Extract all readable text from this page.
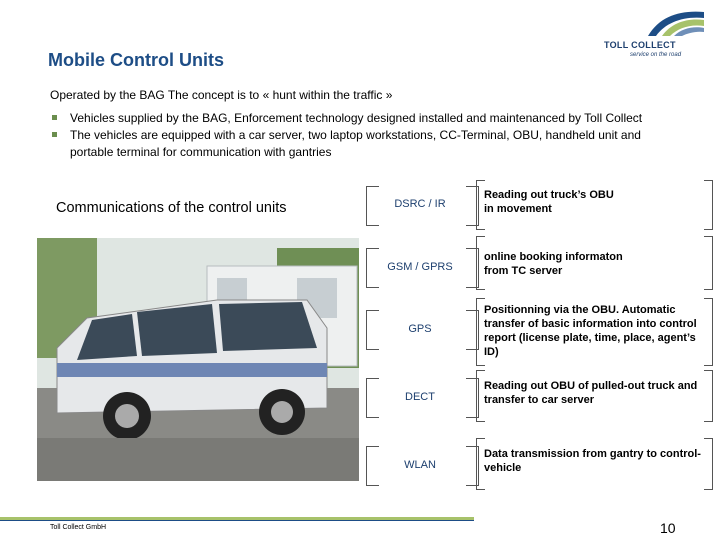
Mobile Control Units
TOLL COLLECT
service on the road
Operated by the BAG The concept is to « hunt within the traffic »
Vehicles supplied by the BAG, Enforcement technology designed installed and maintenanced by Toll Collect
The vehicles are equipped with a car server, two laptop workstations, CC-Terminal, OBU, handheld unit and portable terminal for communication with gantries
Communications of the control units	DSRC / IR
Reading out truck’s OBU
in movement
GSM / GPRS
online booking informaton
from TC server
GPS
Positionning via the OBU. Automatic transfer of basic information into control report (license plate, time, place, agent’s ID)
DECT
Reading out OBU of pulled-out truck and transfer to car server
WLAN
Data transmission from gantry to control-vehicle
Toll Collect GmbH	10
